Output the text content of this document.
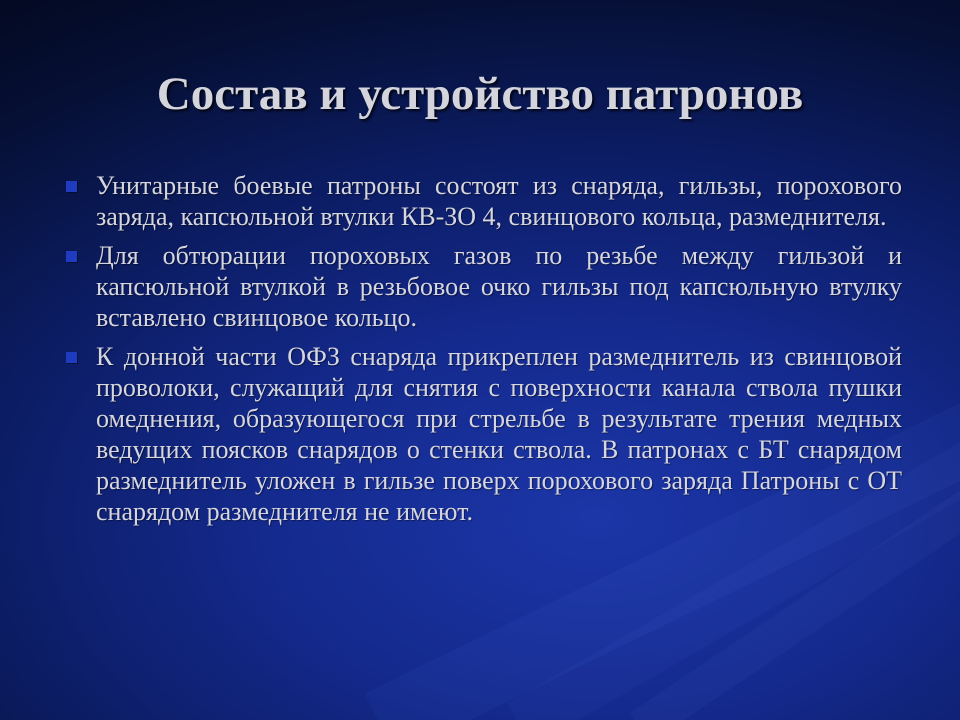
Состав и устройство патронов
Унитарные боевые патроны состоят из снаряда, гильзы, порохового заряда, капсюльной втулки КВ-ЗО 4, свинцового кольца, размеднителя.
Для обтюрации пороховых газов по резьбе между гильзой и капсюльной втулкой в резьбовое очко гильзы под капсюльную втулку вставлено свинцовое кольцо.
К донной части ОФЗ снаряда прикреплен размеднитель из свинцовой проволоки, служащий для снятия с поверхности канала ствола пушки омеднения, образующегося при стрельбе в результате трения медных ведущих поясков снарядов о стенки ствола. В патронах с БТ снарядом размеднитель уложен в гильзе поверх порохового заряда Патроны с ОТ снарядом размеднителя не имеют.
